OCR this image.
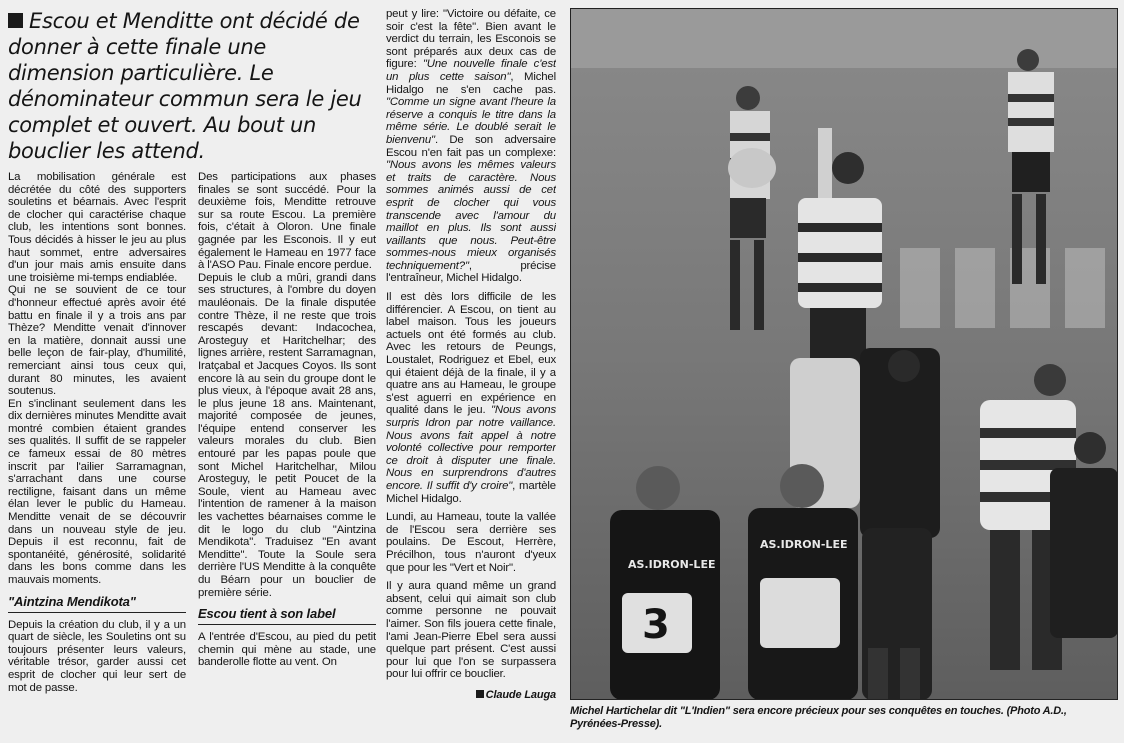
Escou et Menditte ont décidé de donner à cette finale une dimension particulière. Le dénominateur commun sera le jeu complet et ouvert. Au bout un bouclier les attend.

La mobilisation générale est décrétée du côté des supporters souletins et béarnais. Avec l'esprit de clocher qui caractérise chaque club, les intentions sont bonnes. Tous décidés à hisser le jeu au plus haut sommet, entre adversaires d'un jour mais amis ensuite dans une troisième mi-temps endiablée.

Qui ne se souvient de ce tour d'honneur effectué après avoir été battu en finale il y a trois ans par Thèze? Menditte venait d'innover en la matière, donnait aussi une belle leçon de fair-play, d'humilité, remerciant ainsi tous ceux qui, durant 80 minutes, les avaient soutenus.

En s'inclinant seulement dans les dix dernières minutes Menditte avait montré combien étaient grandes ses qualités. Il suffit de se rappeler ce fameux essai de 80 mètres inscrit par l'ailier Sarramagnan, s'arrachant dans une course rectiligne, faisant dans un même élan lever le public du Hameau. Menditte venait de se découvrir dans un nouveau style de jeu. Depuis il est reconnu, fait de spontanéité, générosité, solidarité dans les bons comme dans les mauvais moments.

"Aintzina Mendikota"

Depuis la création du club, il y a un quart de siècle, les Souletins ont su toujours présenter leurs valeurs, véritable trésor, garder aussi cet esprit de clocher qui leur sert de mot de passe.

Des participations aux phases finales se sont succédé. Pour la deuxième fois, Menditte retrouve sur sa route Escou. La première fois, c'était à Oloron. Une finale gagnée par les Esconois. Il y eut également le Hameau en 1977 face à l'ASO Pau. Finale encore perdue.

Depuis le club a mûri, grandi dans ses structures, à l'ombre du doyen mauléonais. De la finale disputée contre Thèze, il ne reste que trois rescapés devant: Indacochea, Arosteguy et Haritchelhar; des lignes arrière, restent Sarramagnan, Iratçabal et Jacques Coyos. Ils sont encore là au sein du groupe dont le plus vieux, à l'époque avait 28 ans, le plus jeune 18 ans. Maintenant, majorité composée de jeunes, l'équipe entend conserver les valeurs morales du club. Bien entouré par les papas poule que sont Michel Haritchelhar, Milou Arosteguy, le petit Poucet de la Soule, vient au Hameau avec l'intention de ramener à la maison les vachettes béarnaises comme le dit le logo du club "Aintzina Mendikota". Traduisez "En avant Menditte". Toute la Soule sera derrière l'US Menditte à la conquête du Béarn pour un bouclier de première série.

Escou tient à son label

A l'entrée d'Escou, au pied du petit chemin qui mène au stade, une banderolle flotte au vent. On

peut y lire: "Victoire ou défaite, ce soir c'est la fête". Bien avant le verdict du terrain, les Esconois se sont préparés aux deux cas de figure: "Une nouvelle finale c'est un plus cette saison", Michel Hidalgo ne s'en cache pas. "Comme un signe avant l'heure la réserve a conquis le titre dans la même série. Le doublé serait le bienvenu". De son adversaire Escou n'en fait pas un complexe: "Nous avons les mêmes valeurs et traits de caractère. Nous sommes animés aussi de cet esprit de clocher qui vous transcende avec l'amour du maillot en plus. Ils sont aussi vaillants que nous. Peut-être sommes-nous mieux organisés techniquement?", précise l'entraîneur, Michel Hidalgo.

Il est dès lors difficile de les différencier. A Escou, on tient au label maison. Tous les joueurs actuels ont été formés au club. Avec les retours de Peungs, Loustalet, Rodriguez et Ebel, eux qui étaient déjà de la finale, il y a quatre ans au Hameau, le groupe s'est aguerri en expérience en qualité dans le jeu. "Nous avons surpris Idron par notre vaillance. Nous avons fait appel à notre volonté collective pour remporter ce droit à disputer une finale. Nous en surprendrons d'autres encore. Il suffit d'y croire", martèle Michel Hidalgo.

Lundi, au Hameau, toute la vallée de l'Escou sera derrière ses poulains. De Escout, Herrère, Précilhon, tous n'auront d'yeux que pour les "Vert et Noir".

Il y aura quand même un grand absent, celui qui aimait son club comme personne ne pouvait l'aimer. Son fils jouera cette finale, l'ami Jean-Pierre Ebel sera aussi quelque part présent. C'est aussi pour lui que l'on se surpassera pour lui offrir ce bouclier.

Claude Lauga
3
AS.IDRON-LEE
AS.IDRON-LEE
Michel Hartichelar dit "L'Indien" sera encore précieux pour ses conquêtes en touches. (Photo A.D., Pyrénées-Presse).
